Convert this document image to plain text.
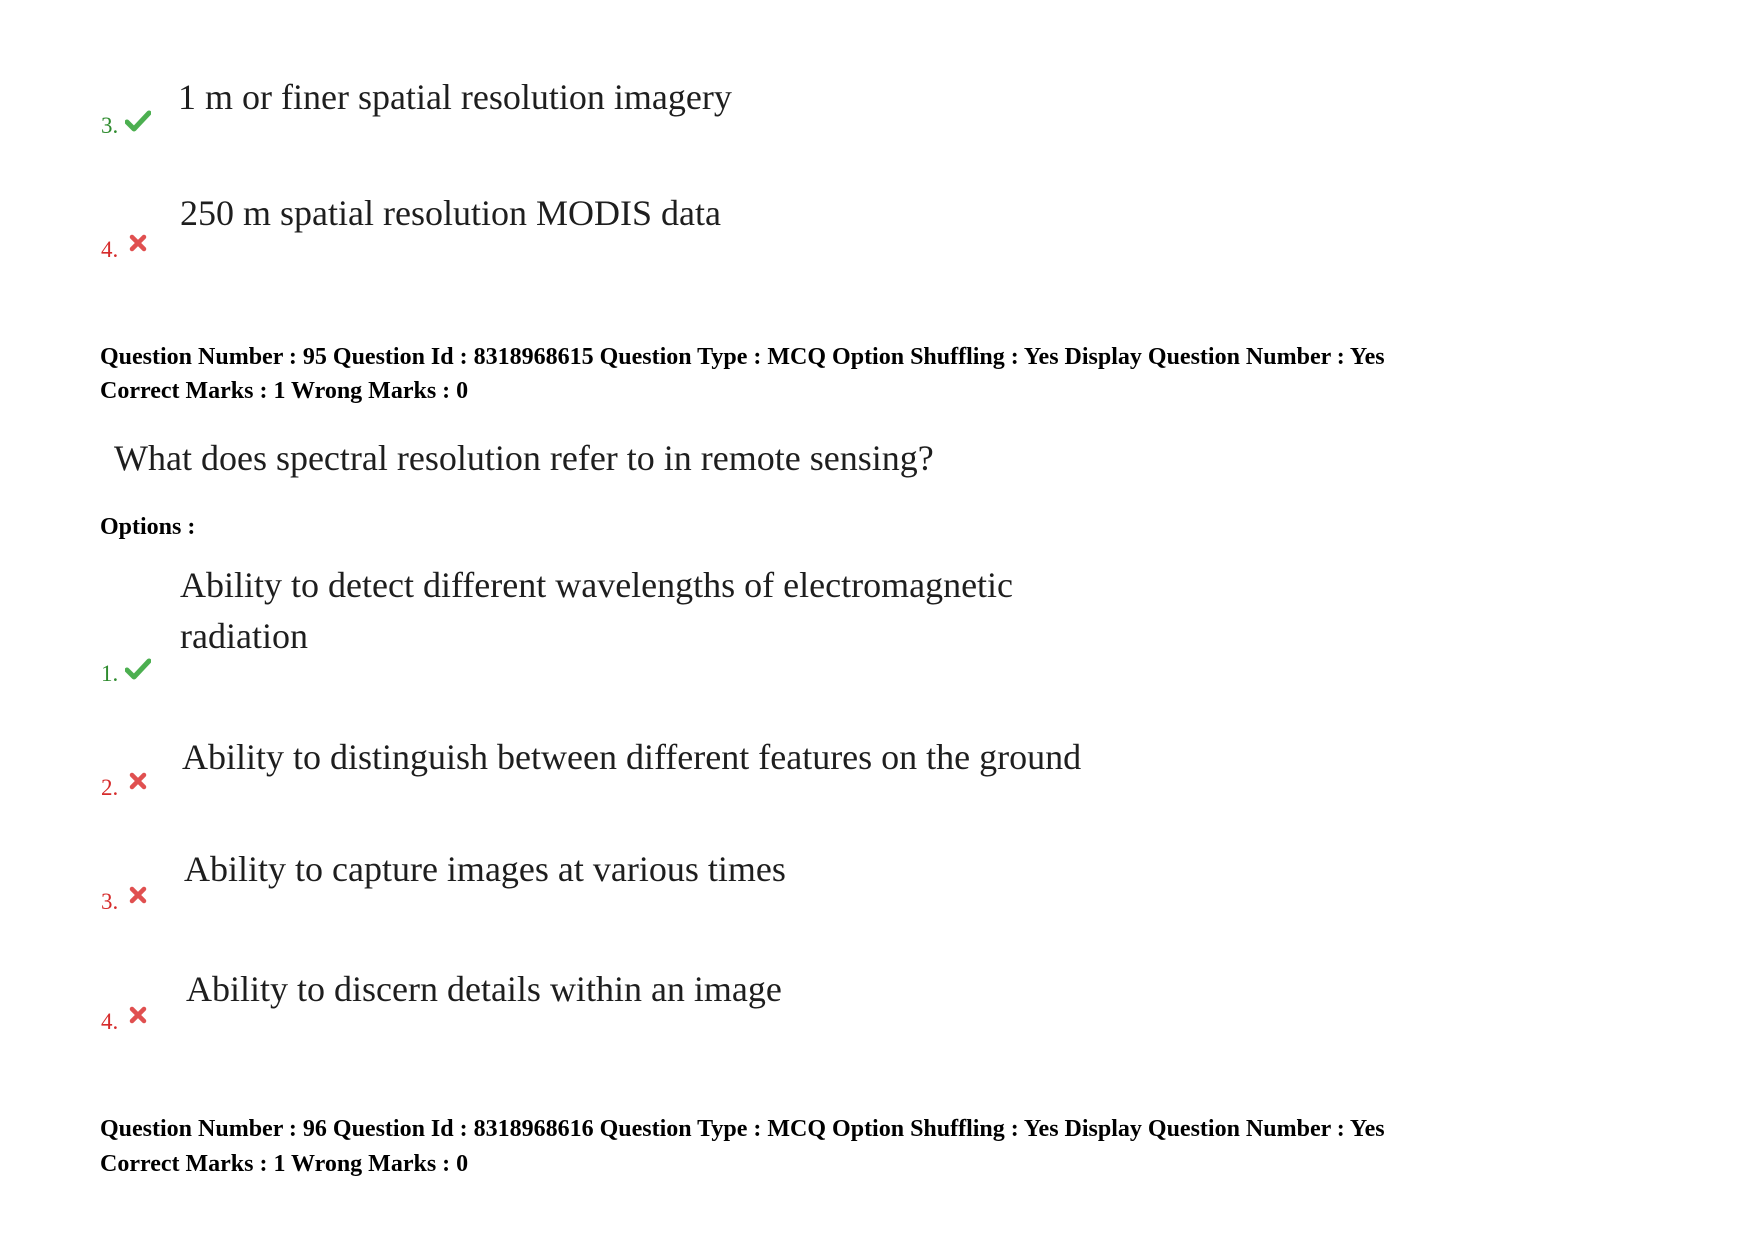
1 m or finer spatial resolution imagery
3.
250 m spatial resolution MODIS data
4.
Question Number : 95 Question Id : 8318968615 Question Type : MCQ Option Shuffling : Yes Display Question Number : Yes
Correct Marks : 1 Wrong Marks : 0
What does spectral resolution refer to in remote sensing?
Options :
Ability to detect different wavelengths of electromagnetic
radiation
1.
Ability to distinguish between different features on the ground
2.
Ability to capture images at various times
3.
Ability to discern details within an image
4.
Question Number : 96 Question Id : 8318968616 Question Type : MCQ Option Shuffling : Yes Display Question Number : Yes
Correct Marks : 1 Wrong Marks : 0
